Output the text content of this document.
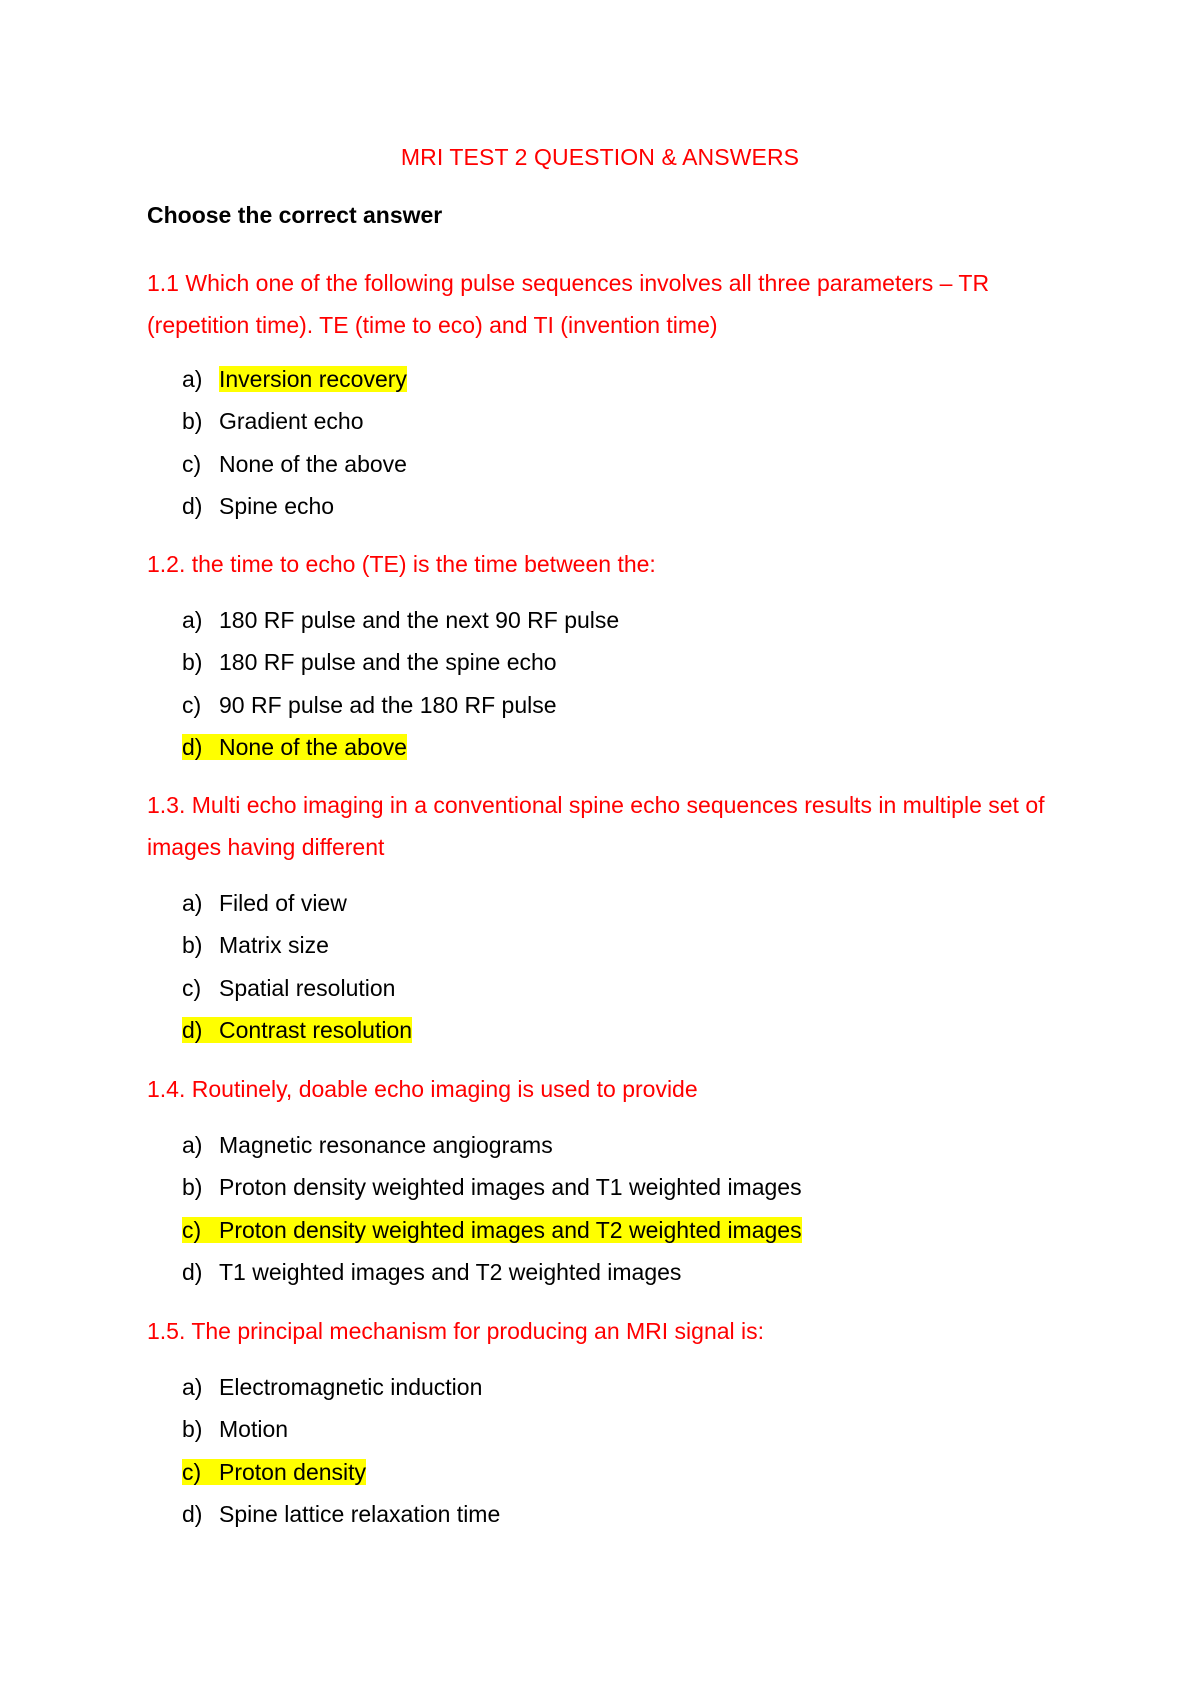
MRI TEST 2 QUESTION & ANSWERS

Choose the correct answer

1.1 Which one of the following pulse sequences involves all three parameters – TR (repetition time). TE (time to eco) and TI (invention time)

a) Inversion recovery
b) Gradient echo
c) None of the above
d) Spine echo

1.2. the time to echo (TE) is the time between the:

a) 180 RF pulse and the next 90 RF pulse
b) 180 RF pulse and the spine echo
c) 90 RF pulse ad the 180 RF pulse
d) None of the above

1.3. Multi echo imaging in a conventional spine echo sequences results in multiple set of images having different

a) Filed of view
b) Matrix size
c) Spatial resolution
d) Contrast resolution

1.4. Routinely, doable echo imaging is used to provide

a) Magnetic resonance angiograms
b) Proton density weighted images and T1 weighted images
c) Proton density weighted images and T2 weighted images
d) T1 weighted images and T2 weighted images

1.5. The principal mechanism for producing an MRI signal is:

a) Electromagnetic induction
b) Motion
c) Proton density
d) Spine lattice relaxation time
